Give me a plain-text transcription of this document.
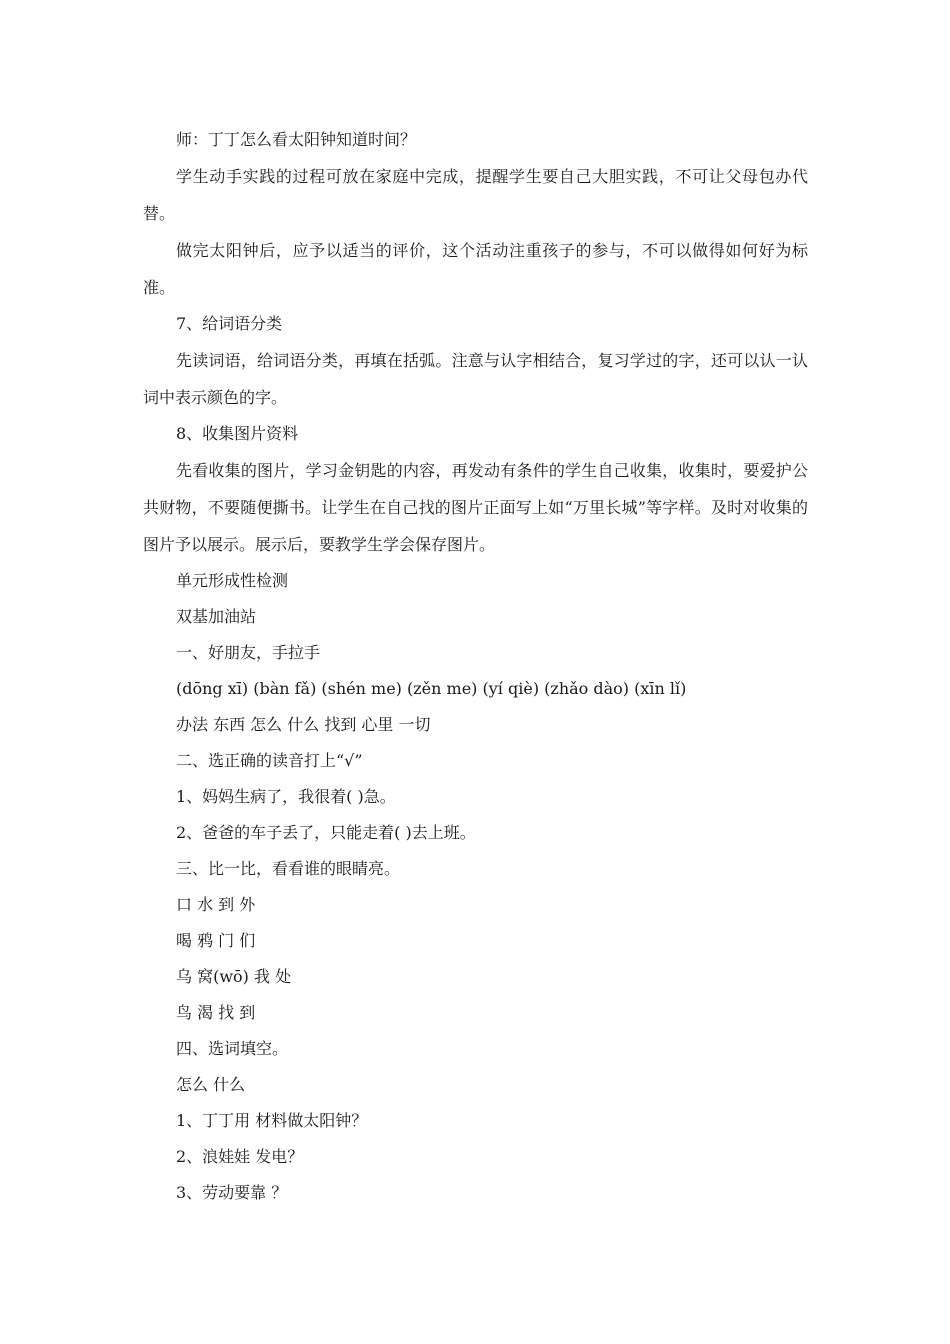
师：丁丁怎么看太阳钟知道时间？

学生动手实践的过程可放在家庭中完成，提醒学生要自己大胆实践，不可让父母包办代替。

做完太阳钟后，应予以适当的评价，这个活动注重孩子的参与，不可以做得如何好为标准。

7、给词语分类

先读词语，给词语分类，再填在括弧。注意与认字相结合，复习学过的字，还可以认一认词中表示颜色的字。

8、收集图片资料

先看收集的图片，学习金钥匙的内容，再发动有条件的学生自己收集，收集时，要爱护公共财物，不要随便撕书。让学生在自己找的图片正面写上如“万里长城”等字样。及时对收集的图片予以展示。展示后，要教学生学会保存图片。

单元形成性检测

双基加油站

一、好朋友，手拉手

(dōng xī) (bàn fǎ) (shén me) (zěn me) (yí qiè) (zhǎo dào) (xīn lǐ)

办法 东西 怎么 什么 找到 心里 一切

二、选正确的读音打上“√”

1、妈妈生病了，我很着( )急。

2、爸爸的车子丢了，只能走着( )去上班。

三、比一比，看看谁的眼睛亮。

口 水 到 外

喝 鸦 门 们

乌 窝(wō) 我 处

鸟 渴 找 到

四、选词填空。

怎么 什么

1、丁丁用 材料做太阳钟？

2、浪娃娃 发电？

3、劳动要靠 ？
